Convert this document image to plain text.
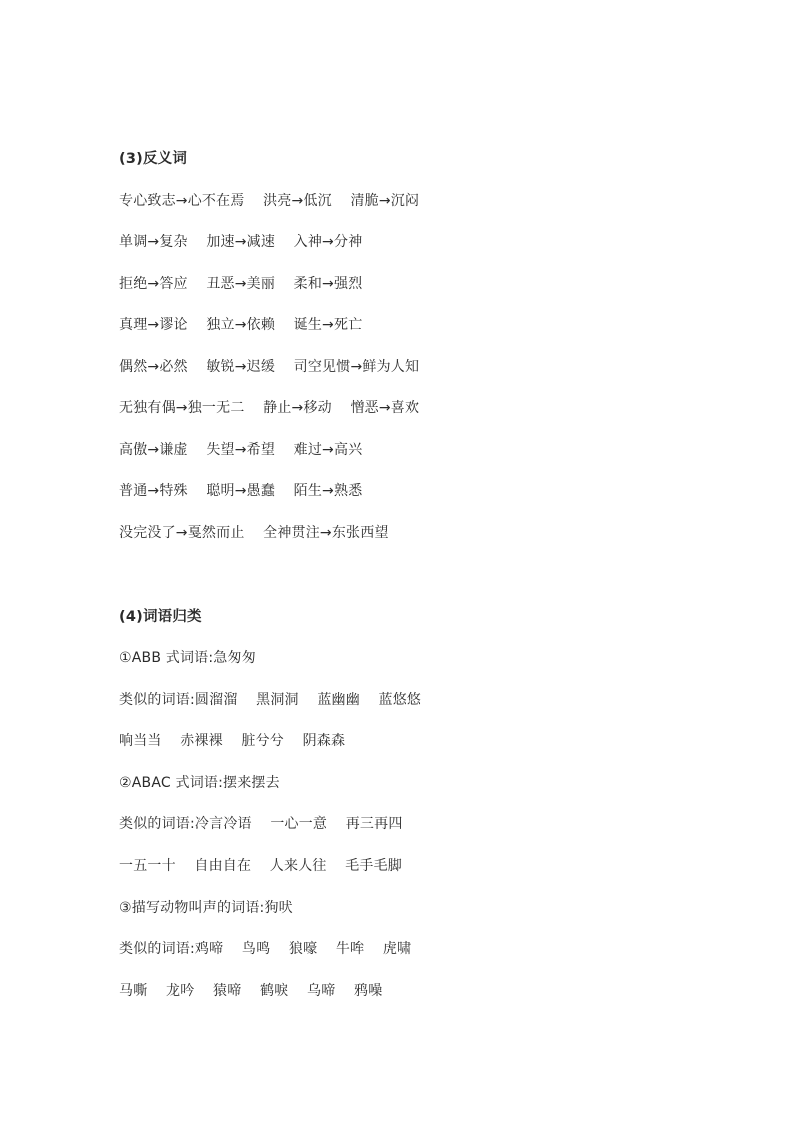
(3)反义词
专心致志→心不在焉    洪亮→低沉    清脆→沉闷
单调→复杂    加速→减速    入神→分神
拒绝→答应    丑恶→美丽    柔和→强烈
真理→谬论    独立→依赖    诞生→死亡
偶然→必然    敏锐→迟缓    司空见惯→鲜为人知
无独有偶→独一无二    静止→移动    憎恶→喜欢
高傲→谦虚    失望→希望    难过→高兴
普通→特殊    聪明→愚蠢    陌生→熟悉
没完没了→戛然而止    全神贯注→东张西望
(4)词语归类
①ABB 式词语:急匆匆
类似的词语:圆溜溜    黑洞洞    蓝幽幽    蓝悠悠
响当当    赤裸裸    脏兮兮    阴森森
②ABAC 式词语:摆来摆去
类似的词语:冷言冷语    一心一意    再三再四
一五一十    自由自在    人来人往    毛手毛脚
③描写动物叫声的词语:狗吠
类似的词语:鸡啼    鸟鸣    狼嚎    牛哞    虎啸
马嘶    龙吟    猿啼    鹤唳    乌啼    鸦噪
